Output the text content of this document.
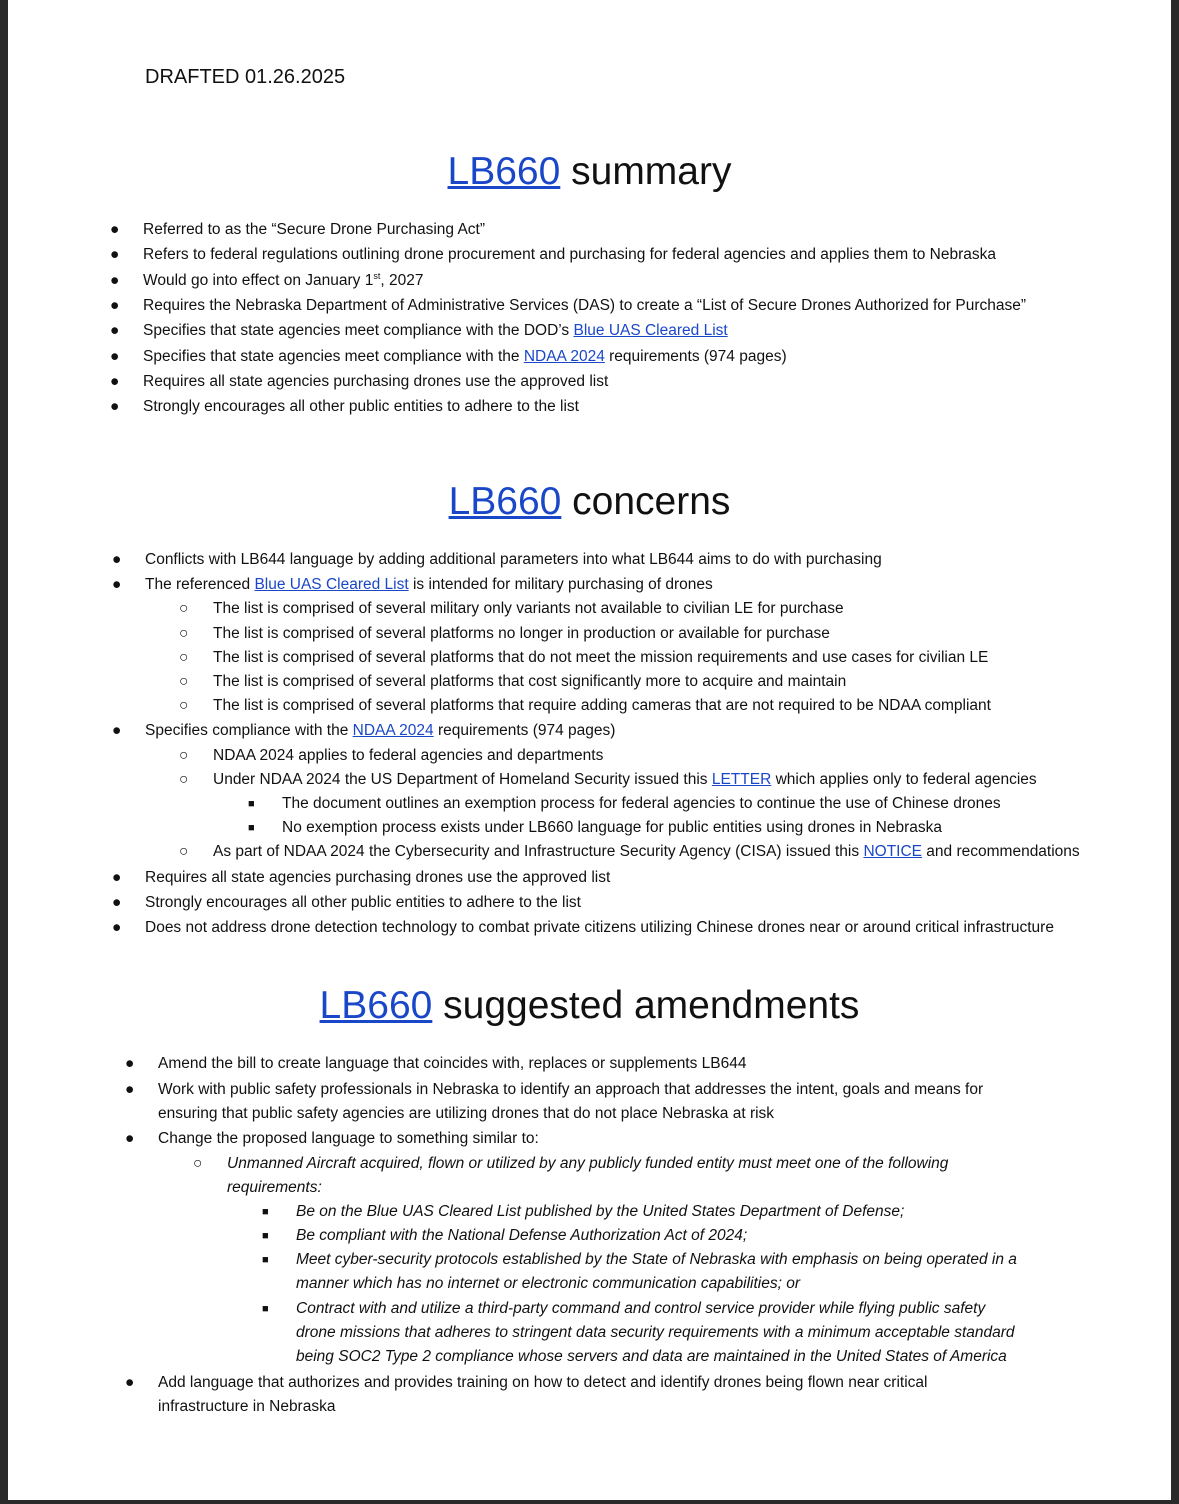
DRAFTED 01.26.2025
LB660 summary
● Referred to as the “Secure Drone Purchasing Act”
● Refers to federal regulations outlining drone procurement and purchasing for federal agencies and applies them to Nebraska
● Would go into effect on January 1st, 2027
● Requires the Nebraska Department of Administrative Services (DAS) to create a “List of Secure Drones Authorized for Purchase”
● Specifies that state agencies meet compliance with the DOD’s Blue UAS Cleared List
● Specifies that state agencies meet compliance with the NDAA 2024 requirements (974 pages)
● Requires all state agencies purchasing drones use the approved list
● Strongly encourages all other public entities to adhere to the list
LB660 concerns
● Conflicts with LB644 language by adding additional parameters into what LB644 aims to do with purchasing
● The referenced Blue UAS Cleared List is intended for military purchasing of drones
○ The list is comprised of several military only variants not available to civilian LE for purchase
○ The list is comprised of several platforms no longer in production or available for purchase
○ The list is comprised of several platforms that do not meet the mission requirements and use cases for civilian LE
○ The list is comprised of several platforms that cost significantly more to acquire and maintain
○ The list is comprised of several platforms that require adding cameras that are not required to be NDAA compliant
● Specifies compliance with the NDAA 2024 requirements (974 pages)
○ NDAA 2024 applies to federal agencies and departments
○ Under NDAA 2024 the US Department of Homeland Security issued this LETTER which applies only to federal agencies
■ The document outlines an exemption process for federal agencies to continue the use of Chinese drones
■ No exemption process exists under LB660 language for public entities using drones in Nebraska
○ As part of NDAA 2024 the Cybersecurity and Infrastructure Security Agency (CISA) issued this NOTICE and recommendations
● Requires all state agencies purchasing drones use the approved list
● Strongly encourages all other public entities to adhere to the list
● Does not address drone detection technology to combat private citizens utilizing Chinese drones near or around critical infrastructure
LB660 suggested amendments
● Amend the bill to create language that coincides with, replaces or supplements LB644
● Work with public safety professionals in Nebraska to identify an approach that addresses the intent, goals and means for
ensuring that public safety agencies are utilizing drones that do not place Nebraska at risk
● Change the proposed language to something similar to:
○ Unmanned Aircraft acquired, flown or utilized by any publicly funded entity must meet one of the following
requirements:
■ Be on the Blue UAS Cleared List published by the United States Department of Defense;
■ Be compliant with the National Defense Authorization Act of 2024;
■ Meet cyber-security protocols established by the State of Nebraska with emphasis on being operated in a
manner which has no internet or electronic communication capabilities; or
■ Contract with and utilize a third-party command and control service provider while flying public safety
drone missions that adheres to stringent data security requirements with a minimum acceptable standard
being SOC2 Type 2 compliance whose servers and data are maintained in the United States of America
● Add language that authorizes and provides training on how to detect and identify drones being flown near critical
infrastructure in Nebraska
